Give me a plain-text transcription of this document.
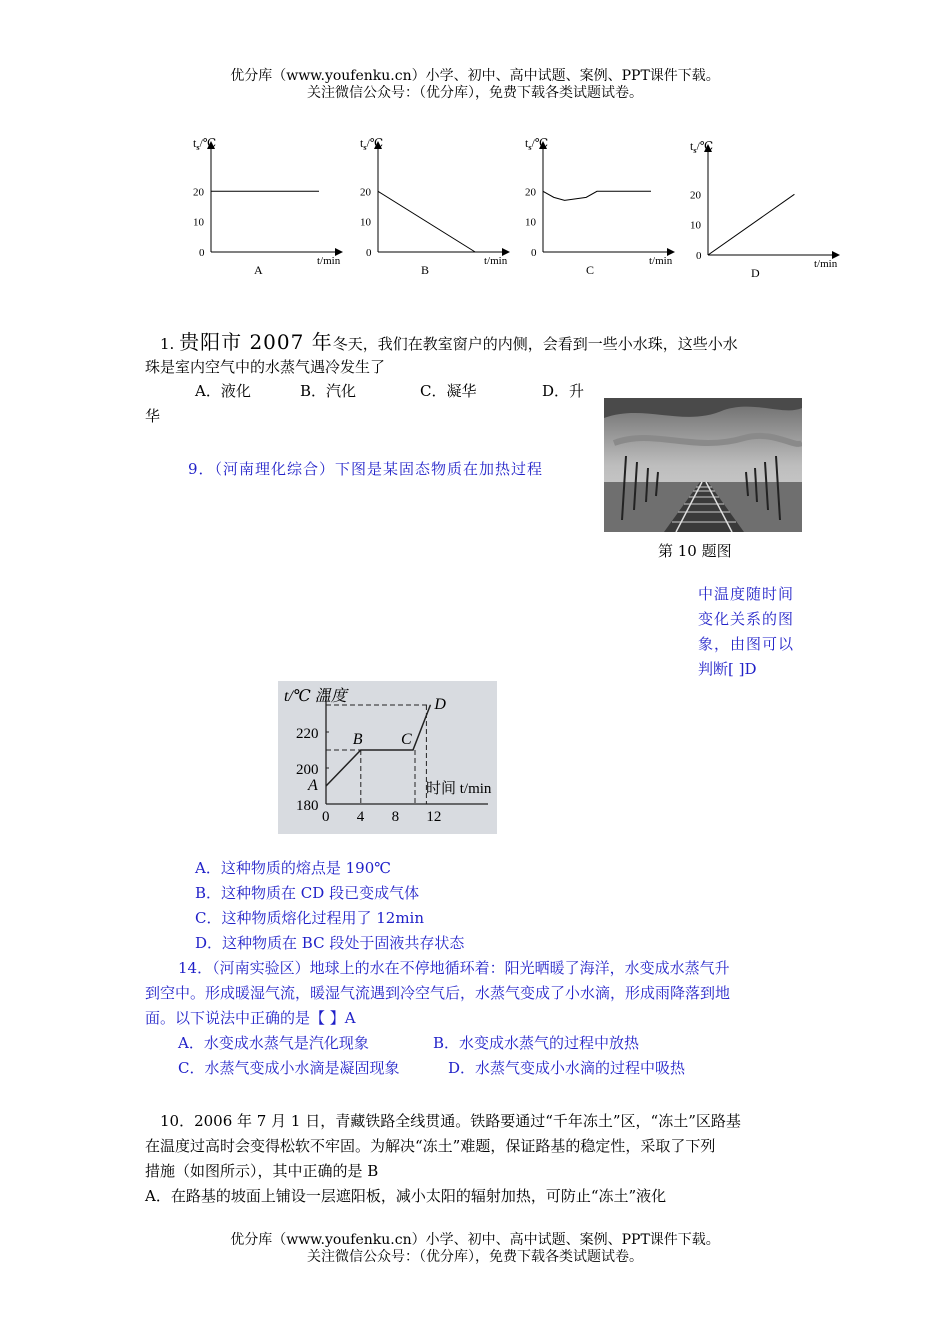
优分库（www.youfenku.cn）小学、初中、高中试题、案例、PPT课件下载。
关注微信公众号：（优分库），免费下载各类试题试卷。
$t_s/℃$
t/min
0
10
20
A
$t_s/℃$
t/min
0
10
20
B
$t_s/℃$
t/min
0
10
20
C
$t_s/℃$
t/min
0
10
20
D
1. 贵阳市 2007 年冬天，我们在教室窗户的内侧，会看到一些小水珠，这些小水
珠是室内空气中的水蒸气遇冷发生了
A．液化	B．汽化	C．凝华	D．升
华
第 10 题图
9．（河南理化综合）下图是某固态物质在加热过程
中温度随时间
变化关系的图
象，由图可以
判断[ ]D
t/℃ 温度
时间 t/min
180
200
220
0 4 8 12
A
B C
D
A．这种物质的熔点是 190℃
B．这种物质在 CD 段已变成气体
C．这种物质熔化过程用了 12min
D．这种物质在 BC 段处于固液共存状态
14．（河南实验区）地球上的水在不停地循环着：阳光晒暖了海洋，水变成水蒸气升
到空中。形成暖湿气流，暖湿气流遇到冷空气后，水蒸气变成了小水滴，形成雨降落到地
面。以下说法中正确的是【 】A
A．水变成水蒸气是汽化现象	B．水变成水蒸气的过程中放热
C．水蒸气变成小水滴是凝固现象	D．水蒸气变成小水滴的过程中吸热
10．2006 年 7 月 1 日，青藏铁路全线贯通。铁路要通过“千年冻土”区，“冻土”区路基
在温度过高时会变得松软不牢固。为解决“冻土”难题，保证路基的稳定性，采取了下列
措施（如图所示），其中正确的是 B
A．在路基的坡面上铺设一层遮阳板，减小太阳的辐射加热，可防止“冻土”液化
优分库（www.youfenku.cn）小学、初中、高中试题、案例、PPT课件下载。
关注微信公众号：（优分库），免费下载各类试题试卷。
